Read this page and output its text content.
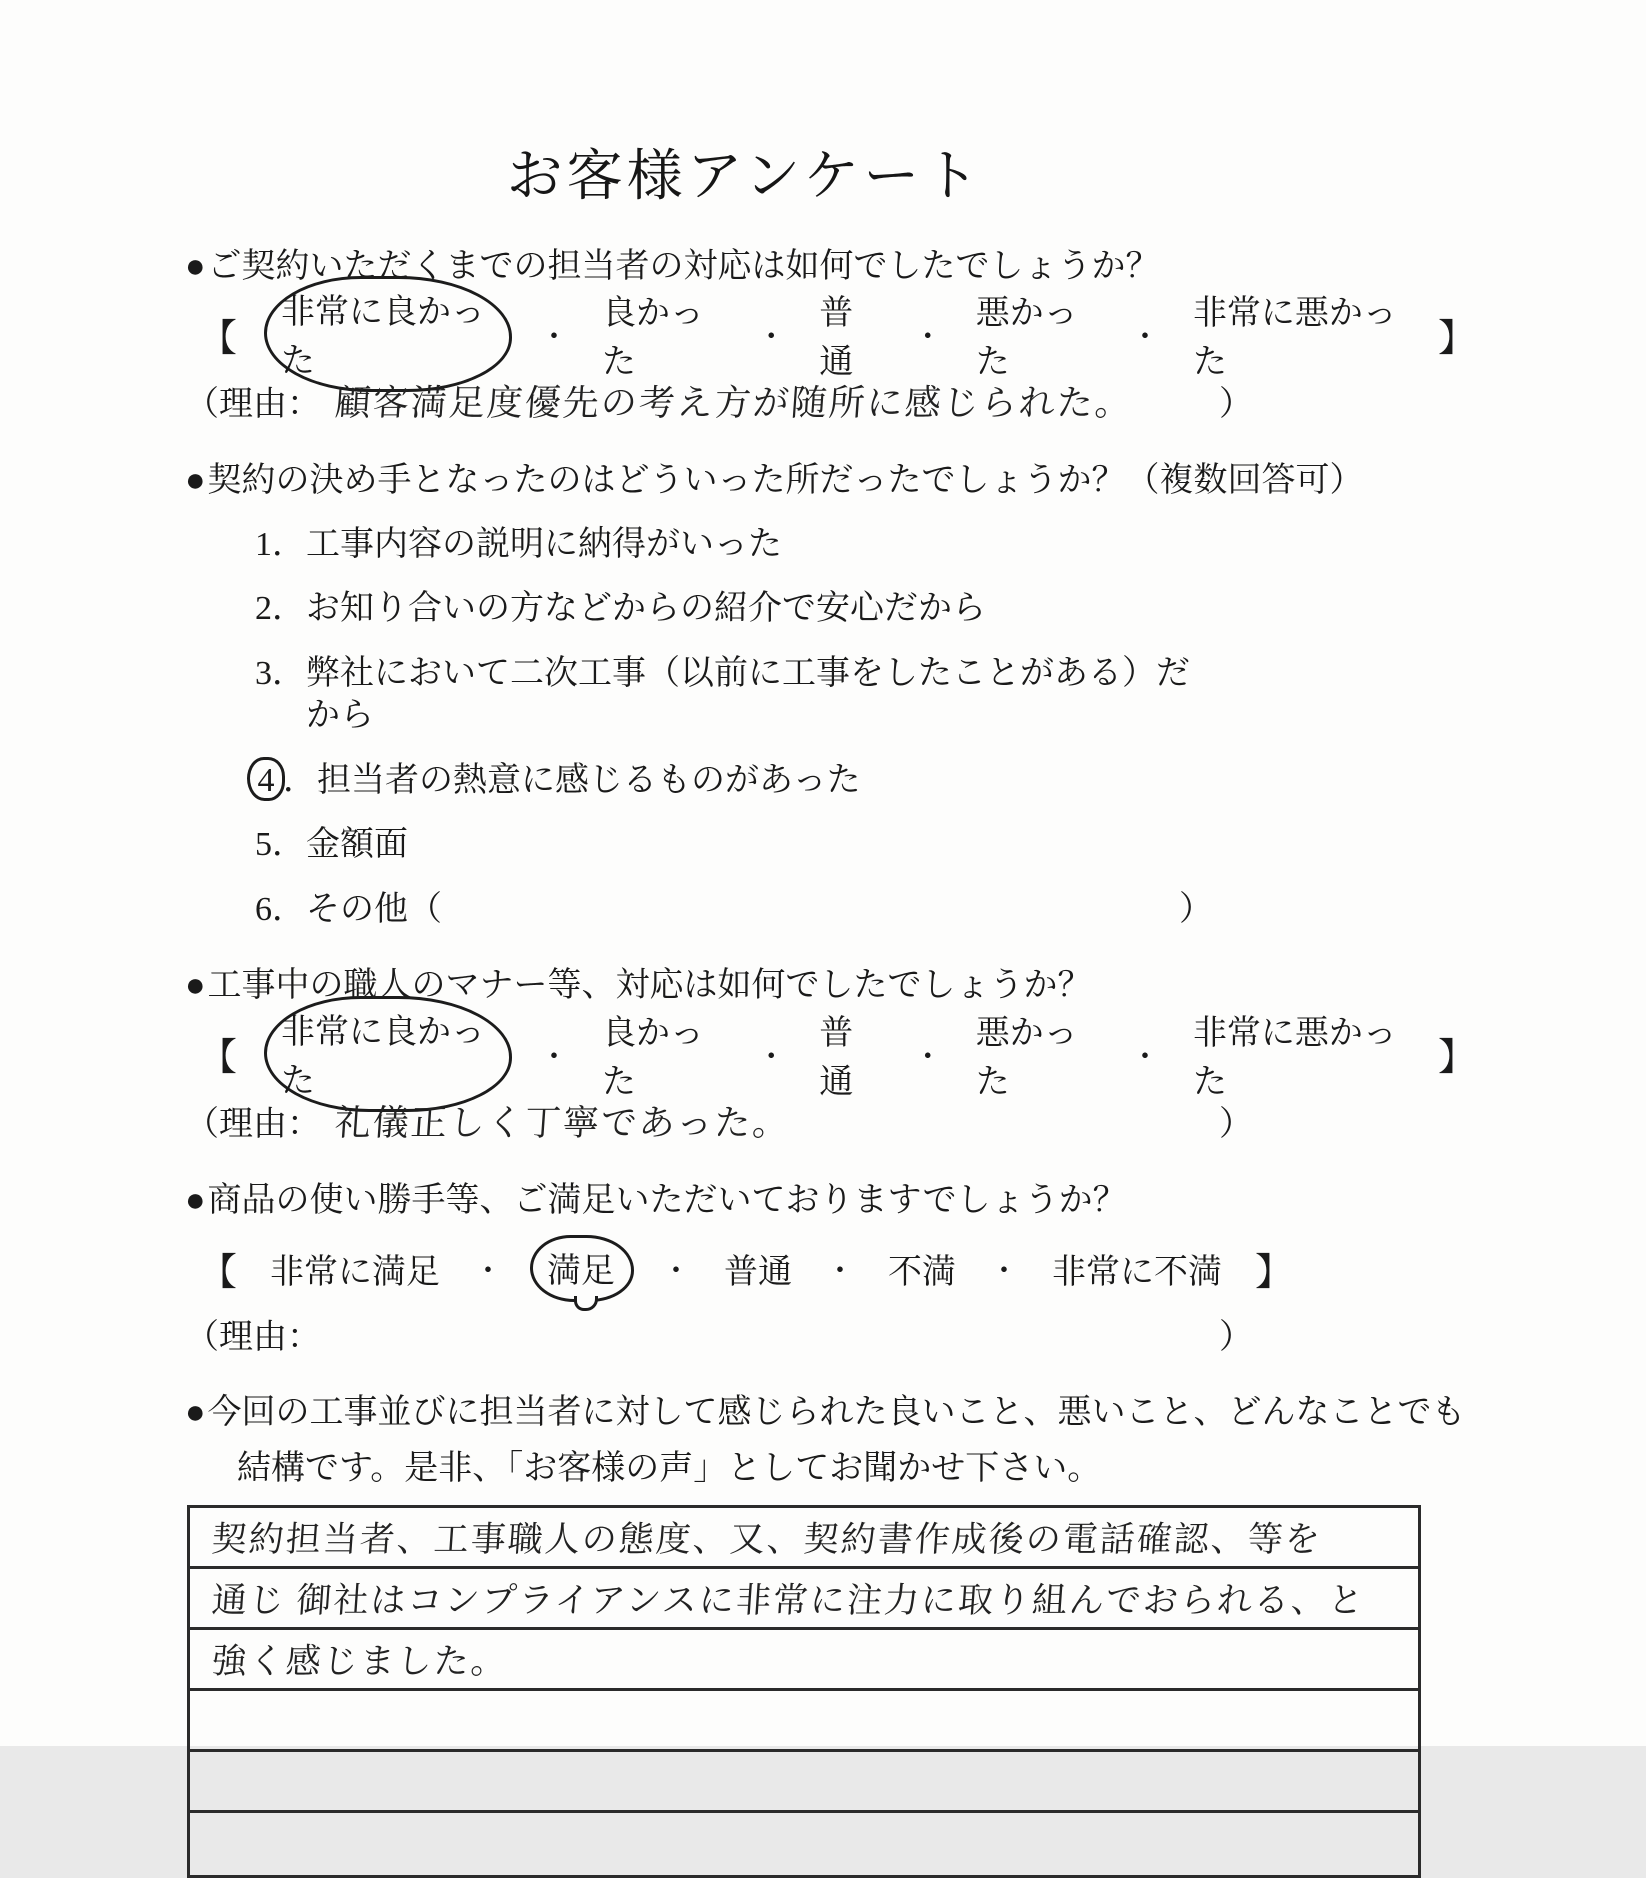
お客様アンケート
●ご契約いただくまでの担当者の対応は如何でしたでしょうか？
【
非常に良かった
・
良かった
・
普通
・
悪かった
・
非常に悪かった
】
（理由： 顧客満足度優先の考え方が随所に感じられた。 ）
●契約の決め手となったのはどういった所だったでしょうか？（複数回答可）
1 ． 工事内容の説明に納得がいった
2 ． お知り合いの方などからの紹介で安心だから
3 ． 弊社において二次工事（以前に工事をしたことがある）だから
4 ． 担当者の熱意に感じるものがあった
5 ． 金額面
6 ． その他（	）
●工事中の職人のマナー等、対応は如何でしたでしょうか？
【
非常に良かった
・
良かった
・
普通
・
悪かった
・
非常に悪かった
】
（理由： 礼儀正しく丁寧であった。	）
●商品の使い勝手等、ご満足いただいておりますでしょうか？
【 非常に満足 ・	満足	・ 普通 ・ 不満 ・ 非常に不満 】
（理由：	）
●今回の工事並びに担当者に対して感じられた良いこと、悪いこと、どんなことでも
結構です。是非、「お客様の声」としてお聞かせ下さい。
契約担当者、工事職人の態度、又、契約書作成後の電話確認、等を
通じ 御社はコンプライアンスに非常に注力に取り組んでおられる、と
強く感じました。
